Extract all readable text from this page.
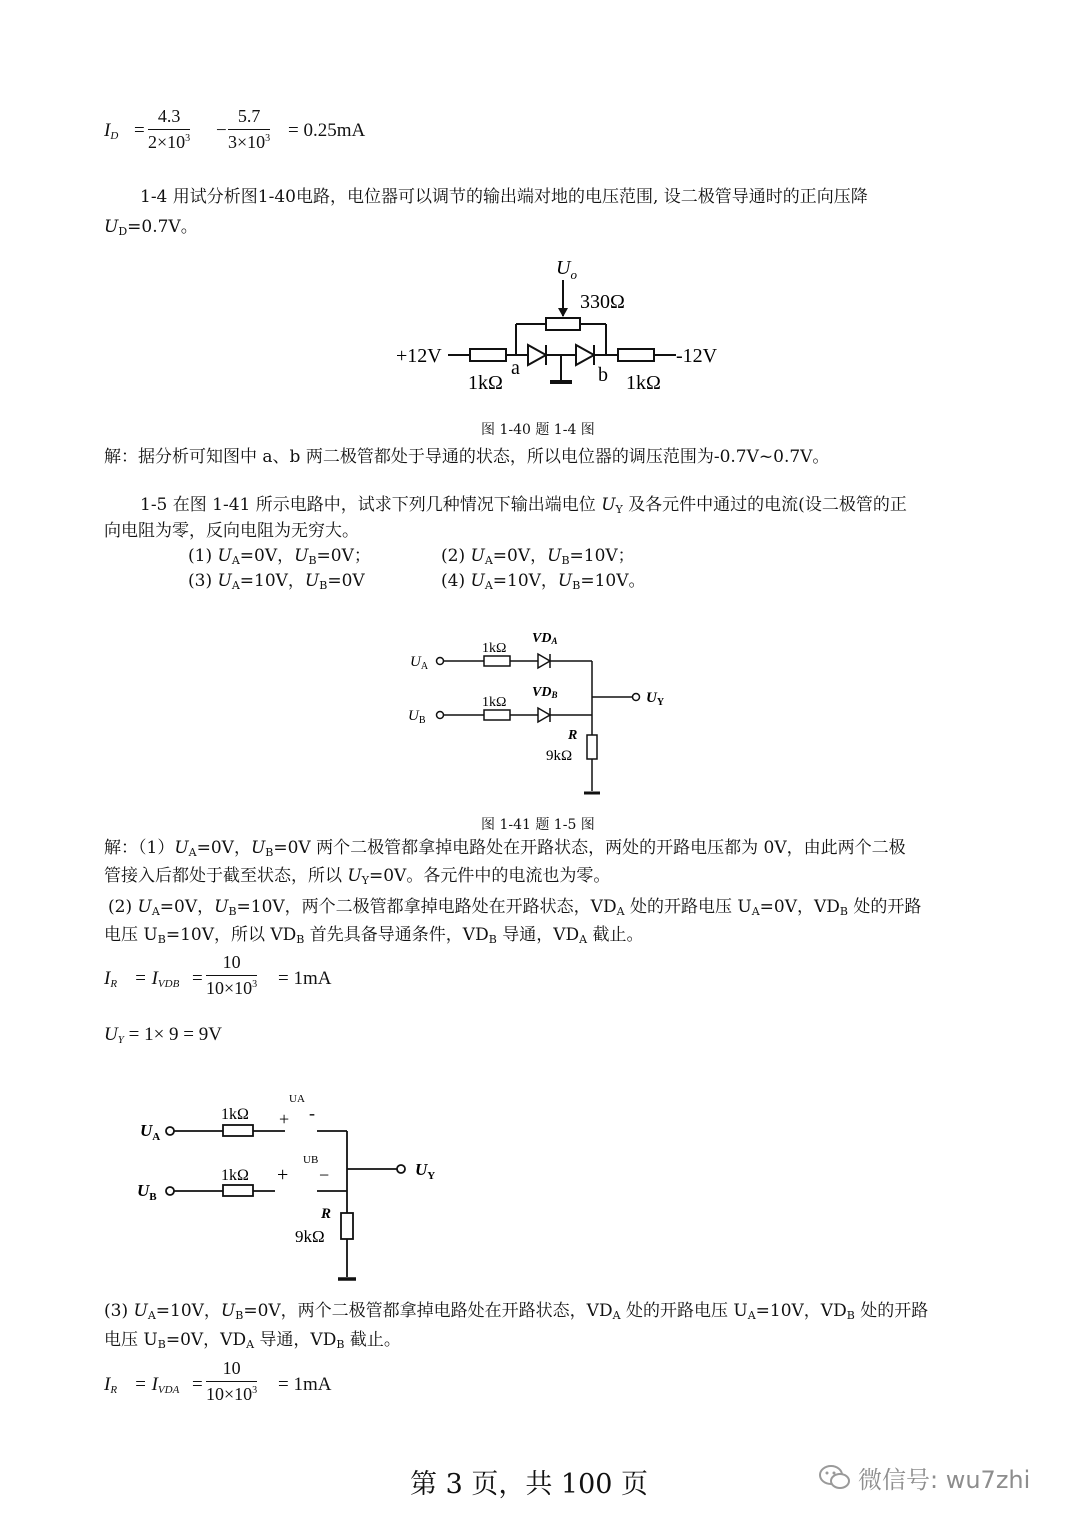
$I_D = \frac{4.3}{2\times 10^3} - \frac{5.7}{3\times 10^3} = 0.25mA$
1-4 用试分析图1-40电路，电位器可以调节的输出端对地的电压范围, 设二极管导通时的正向压降
$U_D=0.7V$。
$U_o$
330Ω
+12V	-12V
1kΩ	1kΩ
a	b
图 1-40 题 1-4 图
解：据分析可知图中 a、b 两二极管都处于导通的状态，所以电位器的调压范围为-0.7V~0.7V。
1-5 在图 1-41 所示电路中，试求下列几种情况下输出端电位 $U_Y$ 及各元件中通过的电流(设二极管的正
向电阻为零，反向电阻为无穷大。
(1) $U_A=0V$，$U_B=0V$；	(2) $U_A=0V$，$U_B=10V$；
(3) $U_A=10V$，$U_B=0V$	(4) $U_A=10V$，$U_B=10V$。
$U_A$
$U_B$
1kΩ
1kΩ
VDA
VDB	$U_Y$
R
9kΩ
图 1-41 题 1-5 图
解：$(1)U_A=0V$，$U_B=0V$ 两个二极管都拿掉电路处在开路状态，两处的开路电压都为 0V，由此两个二极
管接入后都处于截至状态，所以 $U_Y=0V$。各元件中的电流也为零。
(2) $U_A=0V$，$U_B=10V$，两个二极管都拿掉电路处在开路状态，$VD_A$ 处的开路电压 $U_A=0V$，$VD_B$ 处的开路
电压 $U_B=10V$，所以 $VD_B$ 首先具备导通条件，$VD_B$ 导通，$VD_A$ 截止。
$I_R = I_{VDB} = \frac{10}{10\times 10^3} = 1mA$
$U_Y = 1\times 9 = 9V$
$U_A$
$U_B$
1kΩ
1kΩ
UA
+ -
UB
+ −	$U_Y$
R
9kΩ
(3) $U_A=10V$，$U_B=0V$，两个二极管都拿掉电路处在开路状态，$VD_A$ 处的开路电压 $U_A=10V$，$VD_B$ 处的开路
电压 $U_B=0V$，$VD_A$ 导通，$VD_B$ 截止。
$I_R = I_{VDA} = \frac{10}{10\times 10^3} = 1mA$
第 3 页，共 100 页	微信号: wu7zhi
